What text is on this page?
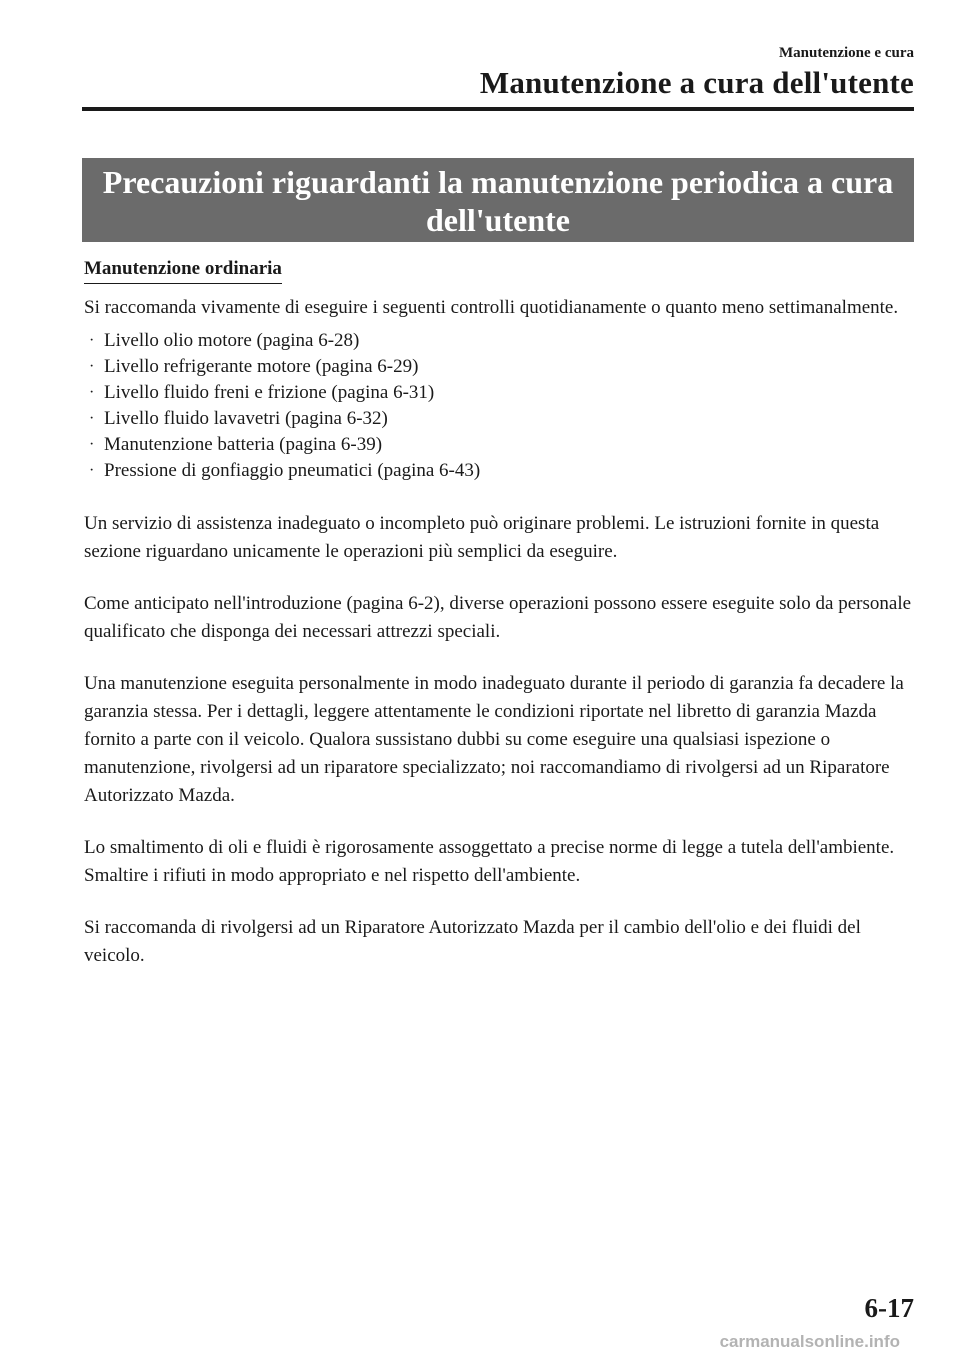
Manutenzione e cura
Manutenzione a cura dell'utente
Precauzioni riguardanti la manutenzione periodica a cura
dell'utente
Manutenzione ordinaria

Si raccomanda vivamente di eseguire i seguenti controlli quotidianamente o quanto meno settimanalmente.

· Livello olio motore (pagina 6-28)
· Livello refrigerante motore (pagina 6-29)
· Livello fluido freni e frizione (pagina 6-31)
· Livello fluido lavavetri (pagina 6-32)
· Manutenzione batteria (pagina 6-39)
· Pressione di gonfiaggio pneumatici (pagina 6-43)

Un servizio di assistenza inadeguato o incompleto può originare problemi. Le istruzioni fornite in questa sezione riguardano unicamente le operazioni più semplici da eseguire.

Come anticipato nell'introduzione (pagina 6-2), diverse operazioni possono essere eseguite solo da personale qualificato che disponga dei necessari attrezzi speciali.

Una manutenzione eseguita personalmente in modo inadeguato durante il periodo di garanzia fa decadere la garanzia stessa. Per i dettagli, leggere attentamente le condizioni riportate nel libretto di garanzia Mazda fornito a parte con il veicolo. Qualora sussistano dubbi su come eseguire una qualsiasi ispezione o manutenzione, rivolgersi ad un riparatore specializzato; noi raccomandiamo di rivolgersi ad un Riparatore Autorizzato Mazda.

Lo smaltimento di oli e fluidi è rigorosamente assoggettato a precise norme di legge a tutela dell'ambiente. Smaltire i rifiuti in modo appropriato e nel rispetto dell'ambiente.

Si raccomanda di rivolgersi ad un Riparatore Autorizzato Mazda per il cambio dell'olio e dei fluidi del veicolo.

6-17
carmanualsonline.info
